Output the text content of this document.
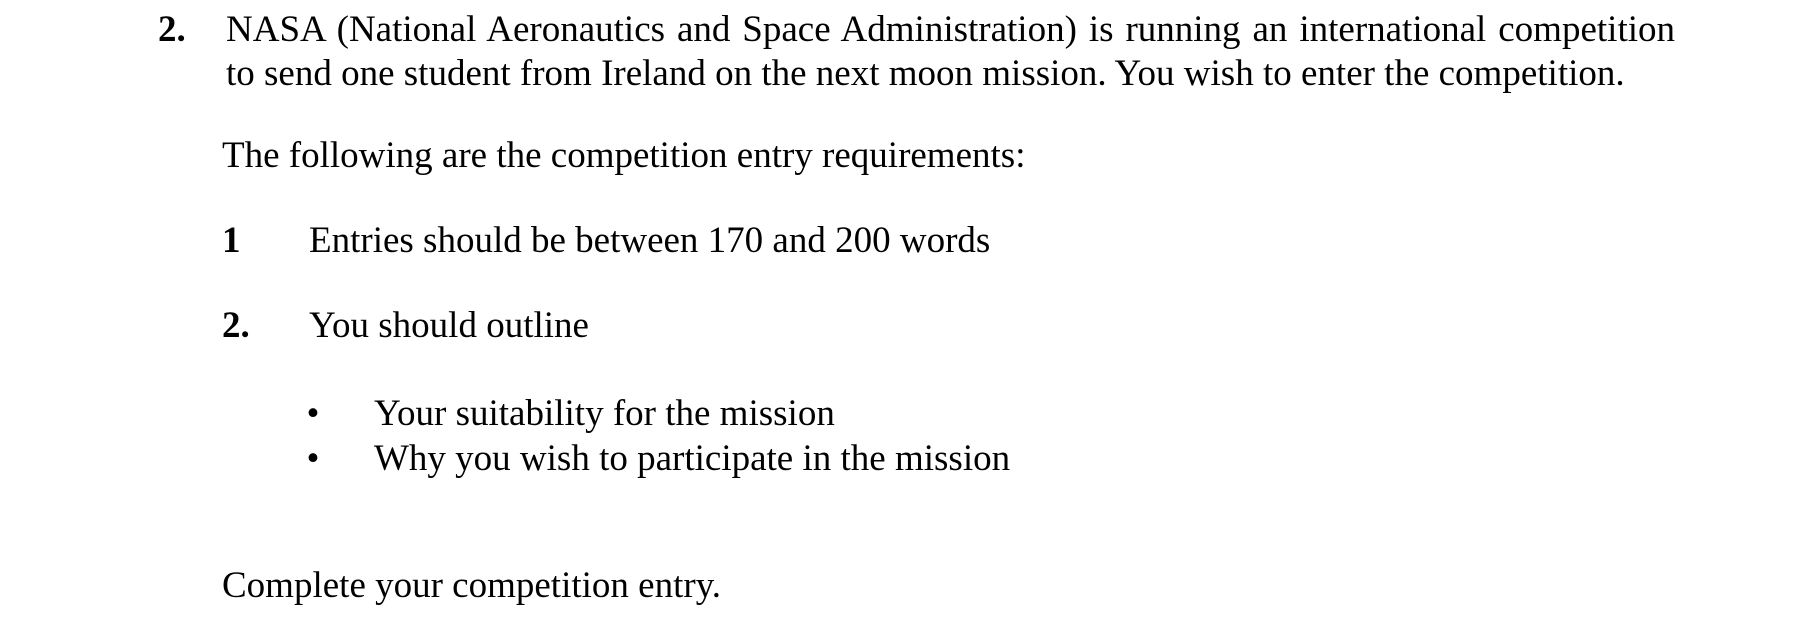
2. NASA (National Aeronautics and Space Administration) is running an international competition
to send one student from Ireland on the next moon mission. You wish to enter the competition.
The following are the competition entry requirements:
1 Entries should be between 170 and 200 words
2. You should outline
• Your suitability for the mission
• Why you wish to participate in the mission
Complete your competition entry.
